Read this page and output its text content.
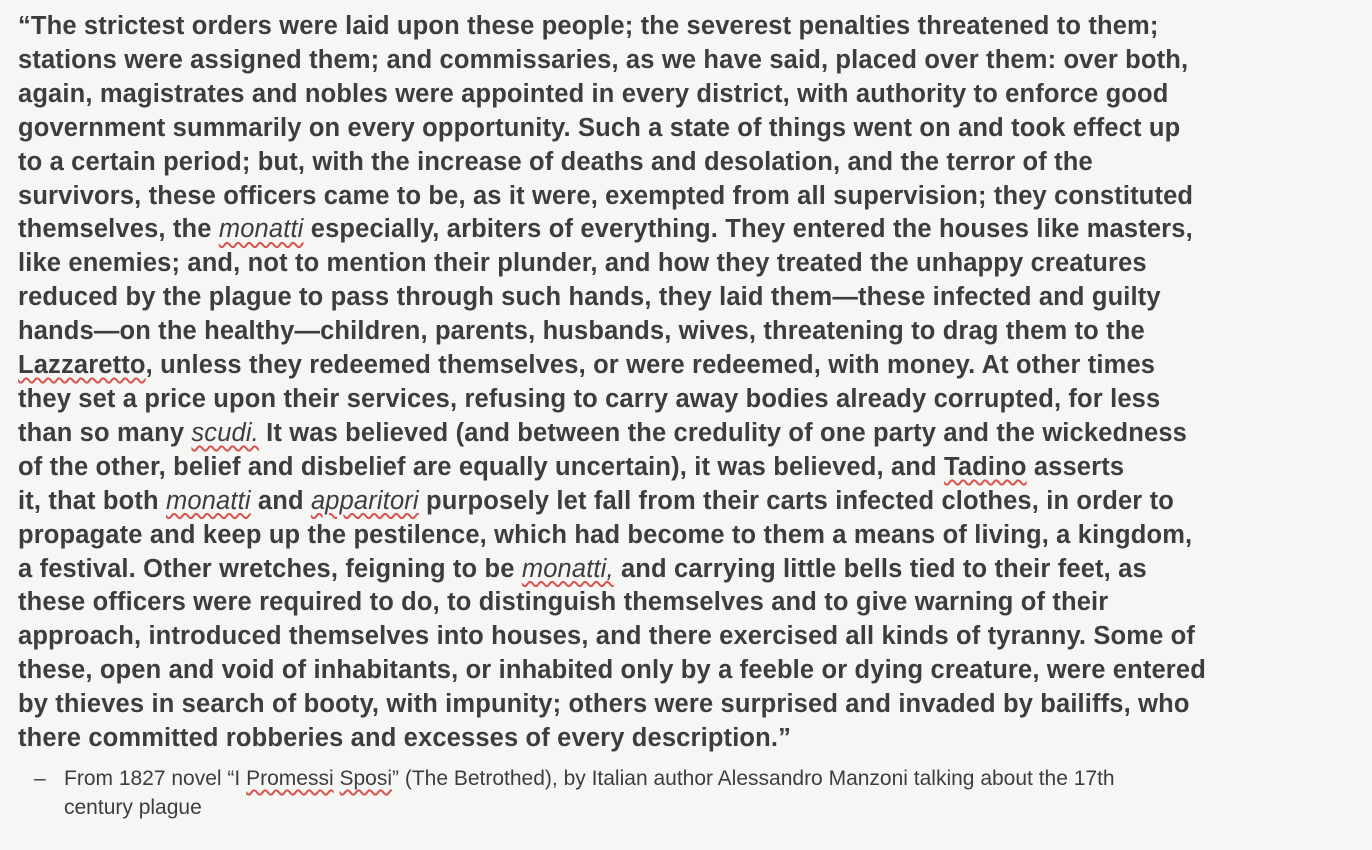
“The strictest orders were laid upon these people; the severest penalties threatened to them;
stations were assigned them; and commissaries, as we have said, placed over them: over both,
again, magistrates and nobles were appointed in every district, with authority to enforce good
government summarily on every opportunity. Such a state of things went on and took effect up
to a certain period; but, with the increase of deaths and desolation, and the terror of the
survivors, these officers came to be, as it were, exempted from all supervision; they constituted
themselves, the monatti especially, arbiters of everything. They entered the houses like masters,
like enemies; and, not to mention their plunder, and how they treated the unhappy creatures
reduced by the plague to pass through such hands, they laid them—these infected and guilty
hands—on the healthy—children, parents, husbands, wives, threatening to drag them to the
Lazzaretto, unless they redeemed themselves, or were redeemed, with money. At other times
they set a price upon their services, refusing to carry away bodies already corrupted, for less
than so many scudi. It was believed (and between the credulity of one party and the wickedness
of the other, belief and disbelief are equally uncertain), it was believed, and Tadino asserts
it, that both monatti and apparitori purposely let fall from their carts infected clothes, in order to
propagate and keep up the pestilence, which had become to them a means of living, a kingdom,
a festival. Other wretches, feigning to be monatti, and carrying little bells tied to their feet, as
these officers were required to do, to distinguish themselves and to give warning of their
approach, introduced themselves into houses, and there exercised all kinds of tyranny. Some of
these, open and void of inhabitants, or inhabited only by a feeble or dying creature, were entered
by thieves in search of booty, with impunity; others were surprised and invaded by bailiffs, who
there committed robberies and excesses of every description.”

– From 1827 novel “I Promessi Sposi” (The Betrothed), by Italian author Alessandro Manzoni talking about the 17th
century plague
